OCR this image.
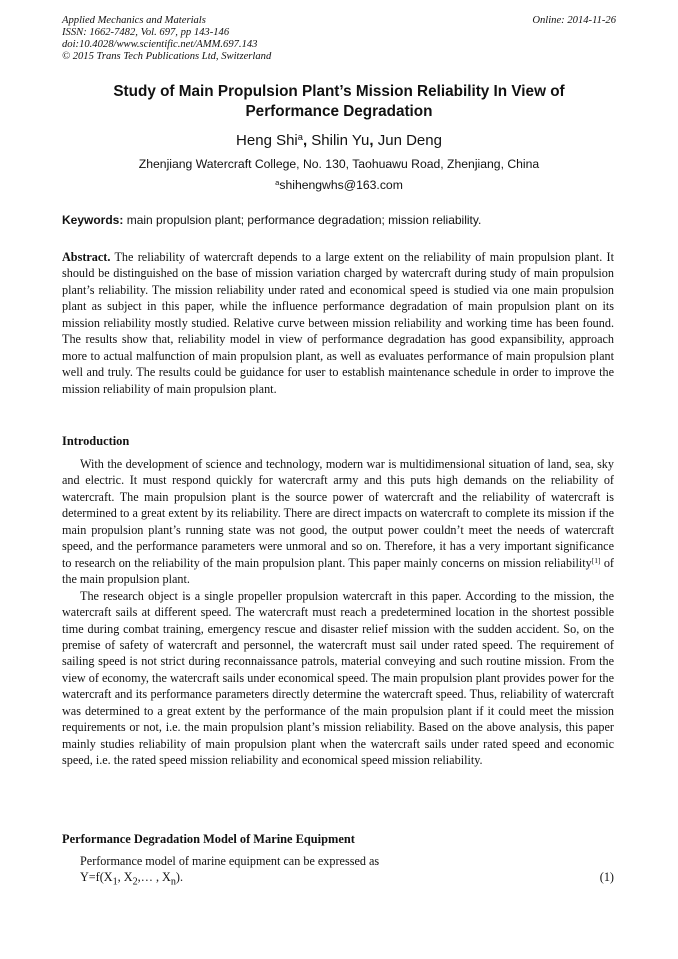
Applied Mechanics and Materials
ISSN: 1662-7482, Vol. 697, pp 143-146
doi:10.4028/www.scientific.net/AMM.697.143
© 2015 Trans Tech Publications Ltd, Switzerland
Online: 2014-11-26
Study of Main Propulsion Plant’s Mission Reliability In View of
Performance Degradation
Heng Shi$^a$, Shilin Yu, Jun Deng
Zhenjiang Watercraft College, No. 130, Taohuawu Road, Zhenjiang, China
$^a$shihengwhs@163.com
Keywords: main propulsion plant; performance degradation; mission reliability.
Abstract. The reliability of watercraft depends to a large extent on the reliability of main propulsion plant. It should be distinguished on the base of mission variation charged by watercraft during study of main propulsion plant’s reliability. The mission reliability under rated and economical speed is studied via one main propulsion plant as subject in this paper, while the influence performance degradation of main propulsion plant on its mission reliability mostly studied. Relative curve between mission reliability and working time has been found. The results show that, reliability model in view of performance degradation has good expansibility, approach more to actual malfunction of main propulsion plant, as well as evaluates performance of main propulsion plant well and truly. The results could be guidance for user to establish maintenance schedule in order to improve the mission reliability of main propulsion plant.
Introduction

With the development of science and technology, modern war is multidimensional situation of land, sea, sky and electric. It must respond quickly for watercraft army and this puts high demands on the reliability of watercraft. The main propulsion plant is the source power of watercraft and the reliability of watercraft is determined to a great extent by its reliability. There are direct impacts on watercraft to complete its mission if the main propulsion plant’s running state was not good, the output power couldn’t meet the needs of watercraft speed, and the performance parameters were unmoral and so on. Therefore, it has a very important significance to research on the reliability of the main propulsion plant. This paper mainly concerns on mission reliability[1] of the main propulsion plant.

The research object is a single propeller propulsion watercraft in this paper. According to the mission, the watercraft sails at different speed. The watercraft must reach a predetermined location in the shortest possible time during combat training, emergency rescue and disaster relief mission with the sudden accident. So, on the premise of safety of watercraft and personnel, the watercraft must sail under rated speed. The requirement of sailing speed is not strict during reconnaissance patrols, material conveying and such routine mission. From the view of economy, the watercraft sails under economical speed. The main propulsion plant provides power for the watercraft and its performance parameters directly determine the watercraft speed. Thus, reliability of watercraft was determined to a great extent by the performance of the main propulsion plant if it could meet the mission requirements or not, i.e. the main propulsion plant’s mission reliability. Based on the above analysis, this paper mainly studies reliability of main propulsion plant when the watercraft sails under rated speed and economic speed, i.e. the rated speed mission reliability and economical speed mission reliability.

Performance Degradation Model of Marine Equipment

Performance model of marine equipment can be expressed as

$Y=f(X_1$, $X_2,\dots$ , $X_n$).	(1)
